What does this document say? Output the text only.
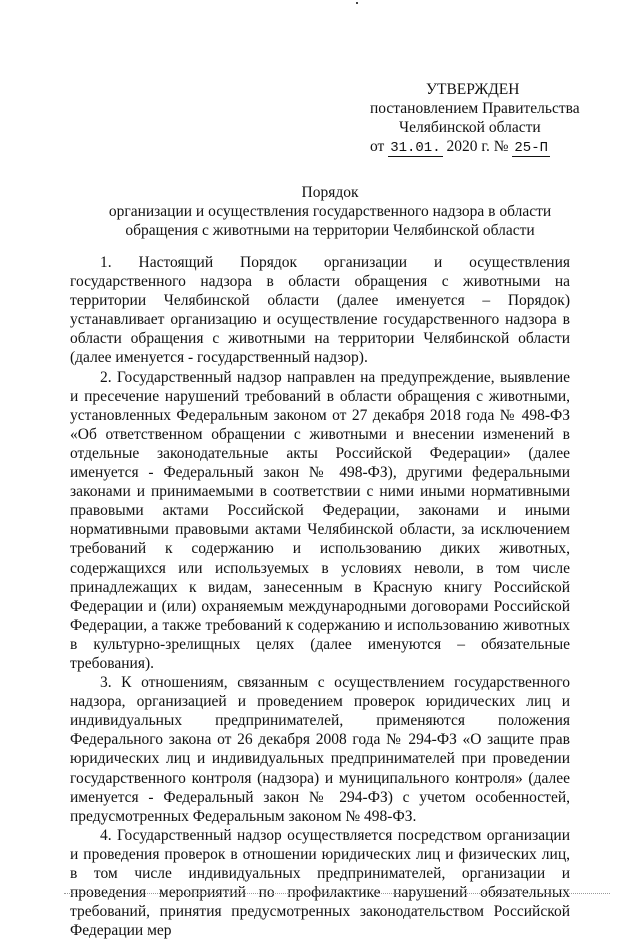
УТВЕРЖДЕН
постановлением Правительства
Челябинской области
от 31.01. 2020 г. № 25-П
Порядок
организации и осуществления государственного надзора в области
обращения с животными на территории Челябинской области

1. Настоящий Порядок организации и осуществления государственного надзора в области обращения с животными на территории Челябинской области (далее именуется – Порядок) устанавливает организацию и осуществление государственного надзора в области обращения с животными на территории Челябинской области (далее именуется - государственный надзор).

2. Государственный надзор направлен на предупреждение, выявление и пресечение нарушений требований в области обращения с животными, установленных Федеральным законом от 27 декабря 2018 года № 498-ФЗ «Об ответственном обращении с животными и внесении изменений в отдельные законодательные акты Российской Федерации» (далее именуется - Федеральный закон № 498-ФЗ), другими федеральными законами и принимаемыми в соответствии с ними иными нормативными правовыми актами Российской Федерации, законами и иными нормативными правовыми актами Челябинской области, за исключением требований к содержанию и использованию диких животных, содержащихся или используемых в условиях неволи, в том числе принадлежащих к видам, занесенным в Красную книгу Российской Федерации и (или) охраняемым международными договорами Российской Федерации, а также требований к содержанию и использованию животных в культурно-зрелищных целях (далее именуются – обязательные требования).

3. К отношениям, связанным с осуществлением государственного надзора, организацией и проведением проверок юридических лиц и индивидуальных предпринимателей, применяются положения Федерального закона от 26 декабря 2008 года № 294-ФЗ «О защите прав юридических лиц и индивидуальных предпринимателей при проведении государственного контроля (надзора) и муниципального контроля» (далее именуется - Федеральный закон № 294-ФЗ) с учетом особенностей, предусмотренных Федеральным законом № 498-ФЗ.

4. Государственный надзор осуществляется посредством организации и проведения проверок в отношении юридических лиц и физических лиц, в том числе индивидуальных предпринимателей, организации и проведения мероприятий по профилактике нарушений обязательных требований, принятия предусмотренных законодательством Российской Федерации мер
